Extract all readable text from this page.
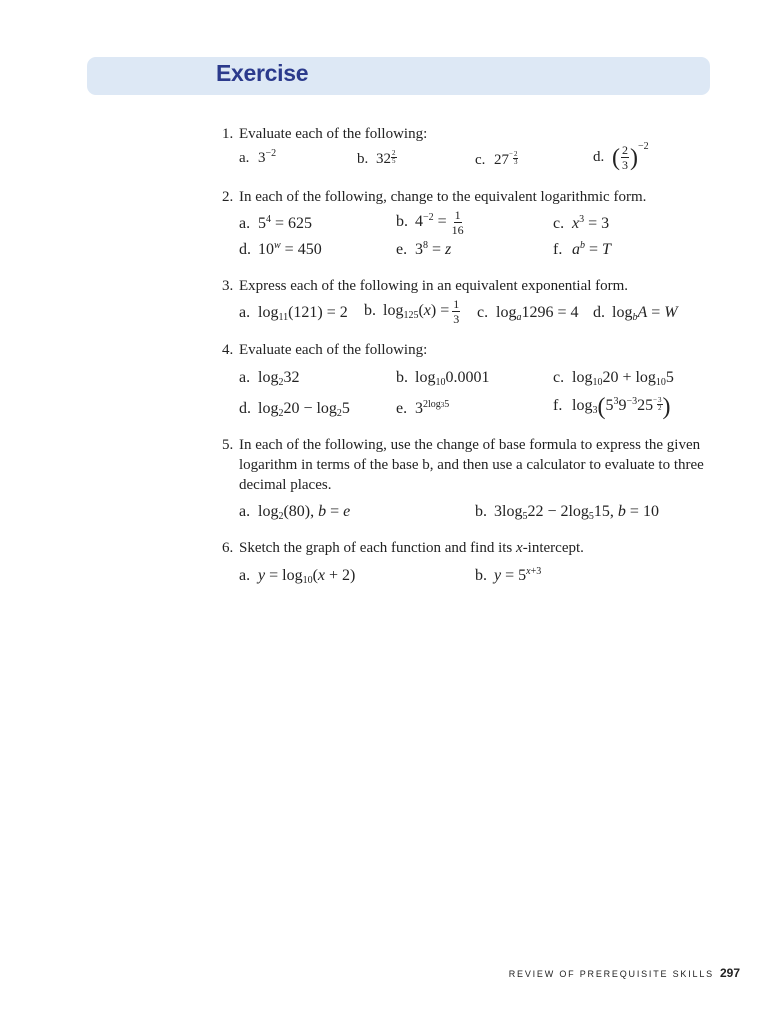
Exercise
1. Evaluate each of the following:
a. $3^{-2}$	b. $32 \frac{2}{5}$	c. $27^- \frac{2}{3}$	d. ( $\frac{2}{3} )^{-2}$
2. In each of the following, change to the equivalent logarithmic form.
a. $5^4 = 625$	b. $4^{-2} = \frac{1}{16}$	c. $x^3 = 3$
d. $10^w = 450$	e. $3^8 = z$	f. $a^b = T$
3. Express each of the following in an equivalent exponential form.
a. $\log_{11}(121) = 2$ b. $\log_{125}(x) = \frac{1}{3} c$. $\log_a1296 = 4$ d. $\log_bA = W$
4. Evaluate each of the following:
a. $\log_232$	b. $\log_{10}0.0001$	c. $\log_{10}20 + \log_{10}5$
d. $\log_220 - \log_25$	e. $3^{2log35}$	f. $\log_3(5^39^{-3}25^- \frac{3}{2}$ )
5. In each of the following, use the change of base formula to express the given
logarithm in terms of the base b, and then use a calculator to evaluate to three
decimal places.
a. $\log_2(80)$, b = e	b. $3\log_522 - 2\log_515$, b = 10
6. Sketch the graph of each function and find its x-intercept.
a. $y = \log_{10}(x + 2)$	b. $y = 5^{x+3}$
REVIEW OF PREREQUISITE SKILLS 297
